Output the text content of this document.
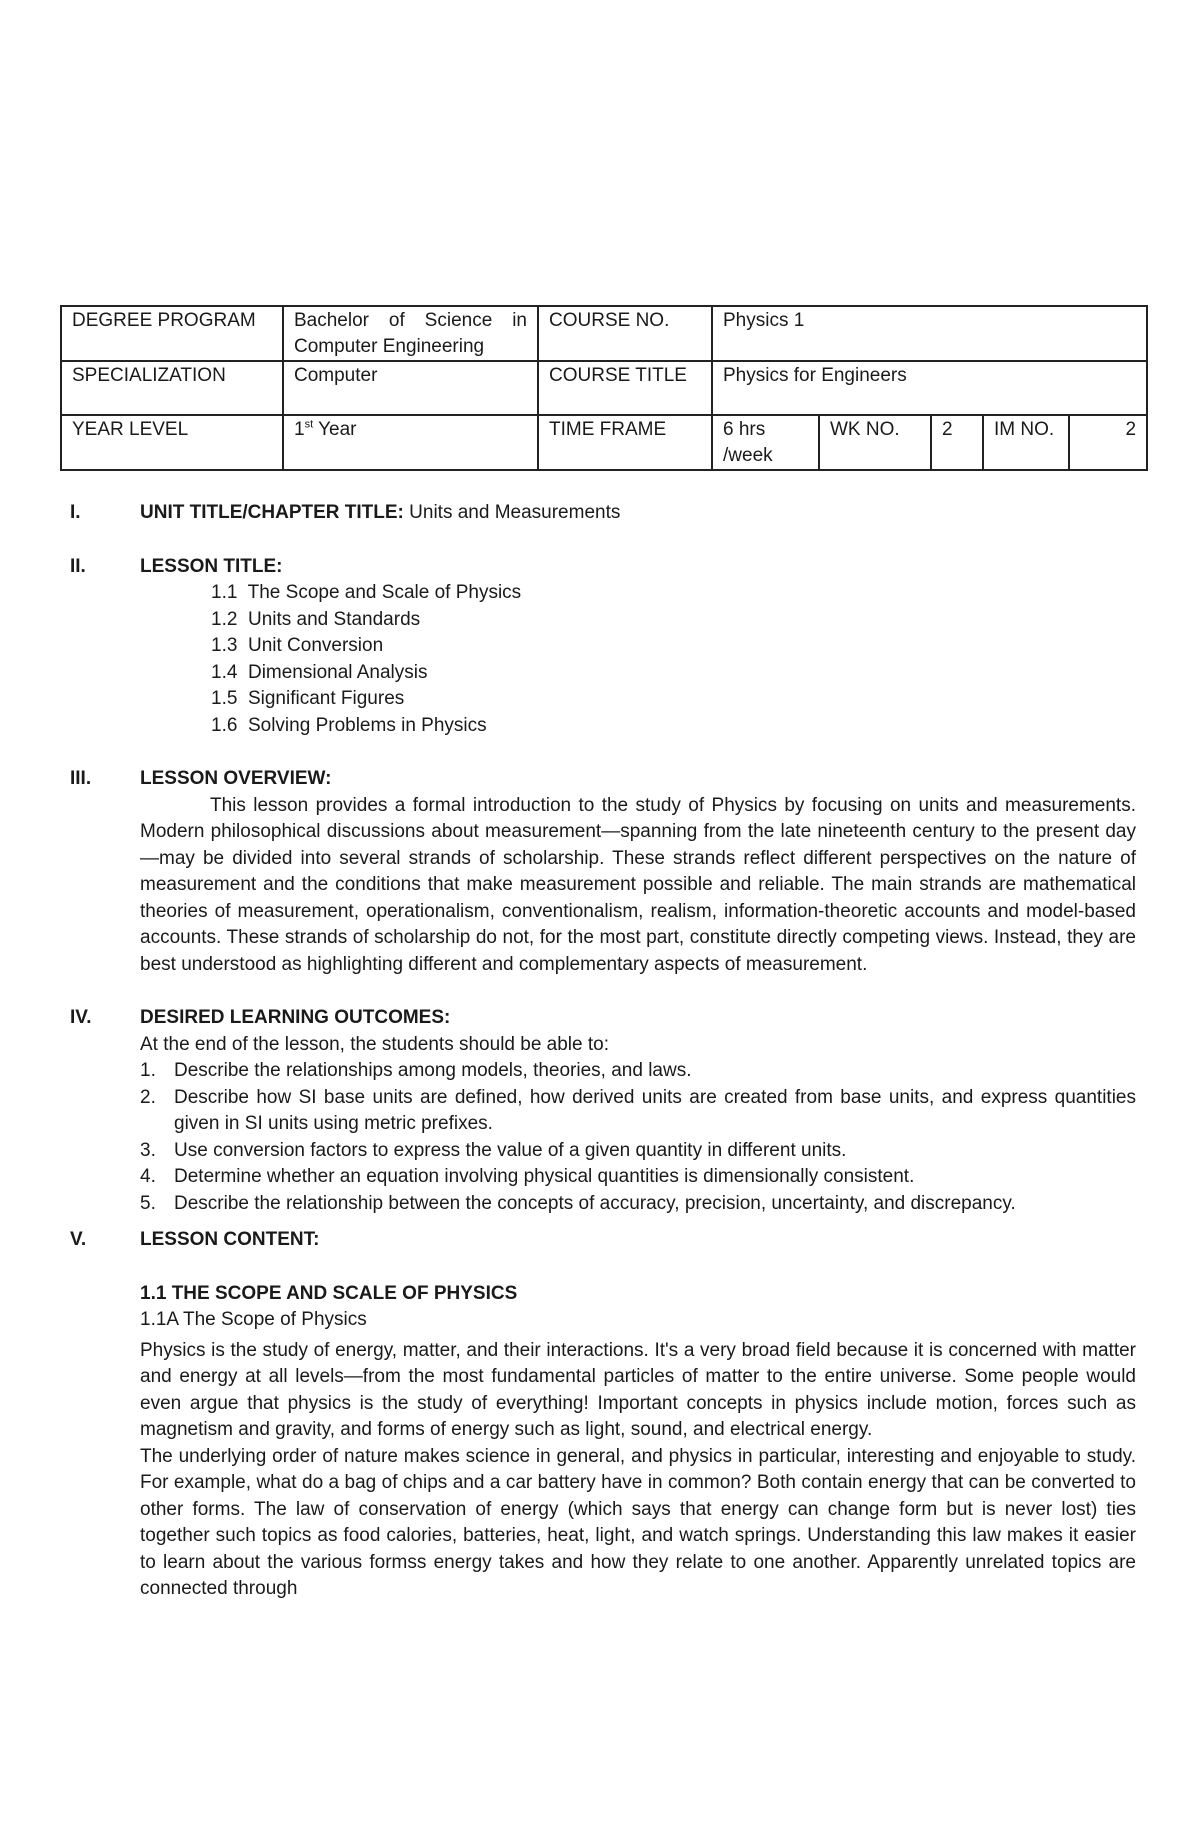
DEGREE PROGRAM	Bachelor of Science in Computer Engineering	COURSE NO.	Physics 1				
SPECIALIZATION	Computer	COURSE TITLE	Physics for Engineers				
YEAR LEVEL	1st Year	TIME FRAME	6 hrs /week	WK NO.	2	IM NO.	2
I.	UNIT TITLE/CHAPTER TITLE: Units and Measurements
II.	LESSON TITLE:
1.1  The Scope and Scale of Physics
1.2  Units and Standards
1.3  Unit Conversion
1.4  Dimensional Analysis
1.5  Significant Figures
1.6  Solving Problems in Physics
III.	LESSON OVERVIEW:

This lesson provides a formal introduction to the study of Physics by focusing on units and measurements. Modern philosophical discussions about measurement—spanning from the late nineteenth century to the present day—may be divided into several strands of scholarship. These strands reflect different perspectives on the nature of measurement and the conditions that make measurement possible and reliable. The main strands are mathematical theories of measurement, operationalism, conventionalism, realism, information-theoretic accounts and model-based accounts. These strands of scholarship do not, for the most part, constitute directly competing views. Instead, they are best understood as highlighting different and complementary aspects of measurement.

IV.	DESIRED LEARNING OUTCOMES:
At the end of the lesson, the students should be able to:
1. Describe the relationships among models, theories, and laws.
2. Describe how SI base units are defined, how derived units are created from base units, and express quantities given in SI units using metric prefixes.
3. Use conversion factors to express the value of a given quantity in different units.
4. Determine whether an equation involving physical quantities is dimensionally consistent.
5. Describe the relationship between the concepts of accuracy, precision, uncertainty, and discrepancy.
V.	LESSON CONTENT:
1.1 THE SCOPE AND SCALE OF PHYSICS
1.1A The Scope of Physics

Physics is the study of energy, matter, and their interactions. It's a very broad field because it is concerned with matter and energy at all levels—from the most fundamental particles of matter to the entire universe. Some people would even argue that physics is the study of everything! Important concepts in physics include motion, forces such as magnetism and gravity, and forms of energy such as light, sound, and electrical energy.

The underlying order of nature makes science in general, and physics in particular, interesting and enjoyable to study. For example, what do a bag of chips and a car battery have in common? Both contain energy that can be converted to other forms. The law of conservation of energy (which says that energy can change form but is never lost) ties together such topics as food calories, batteries, heat, light, and watch springs. Understanding this law makes it easier to learn about the various formss energy takes and how they relate to one another. Apparently unrelated topics are connected through
